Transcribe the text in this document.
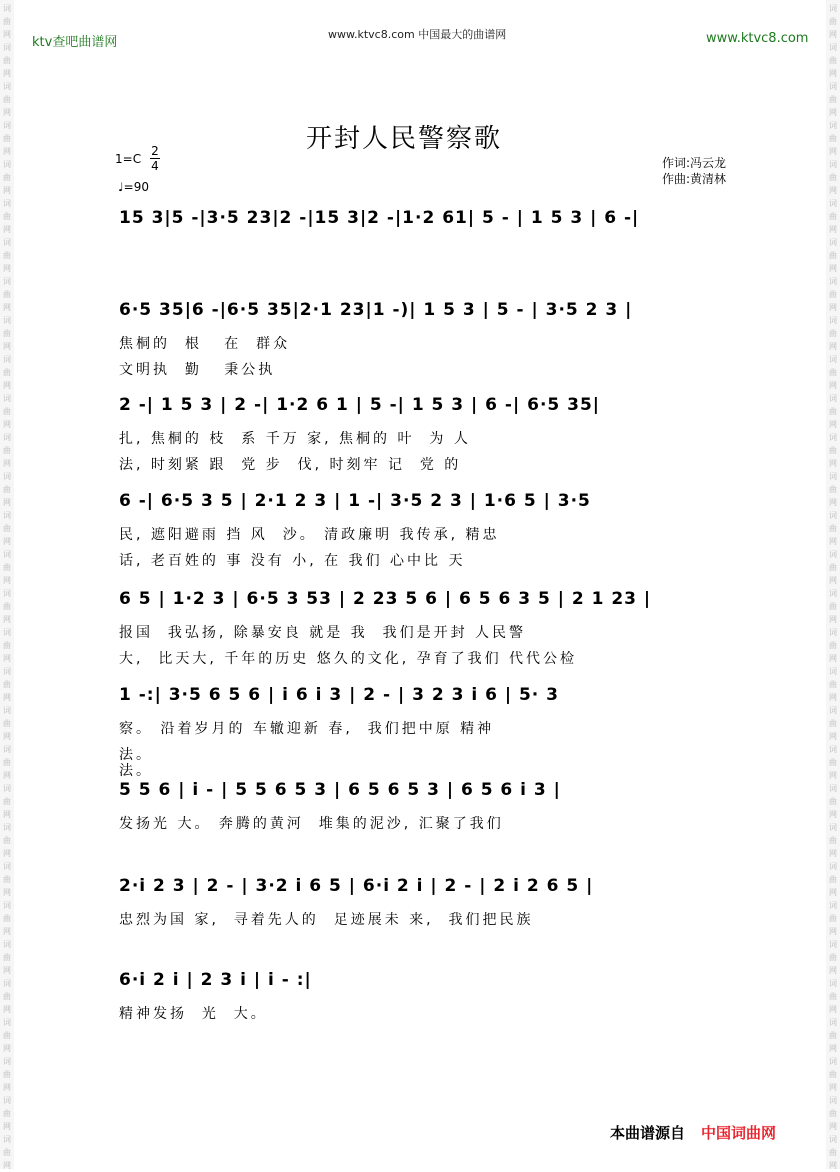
词
曲
网
词
曲
网
词
曲
网
词
曲
网
词
曲
网
词
曲
网
词
曲
网
词
曲
网
词
曲
网
词
曲
网
词
曲
网
词
曲
网
词
曲
网
词
曲
网
词
曲
网
词
曲
网
词
曲
网
词
曲
网
词
曲
网
词
曲
网
词
曲
网
词
曲
网
词
曲
网
词
曲
网
词
曲
网
词
曲
网
词
曲
网
词
曲
网
词
曲
网
词
曲
网
词
曲
网
词
曲
网
词
曲
网
词
曲
网
词
曲
网
词
曲
网
词
曲
网
词
曲
网
词
曲
网
词
曲
网
词
曲
网
词
曲
网
词
曲
网
词
曲
网
词
曲
网
词
曲
网
词
曲
网
词
曲
网
词
曲
网
词
曲
网
词
曲
网
词
曲
网
词
曲
网
词
曲
网
词
曲
网
词
曲
网
词
曲
网
词
曲
网
词
曲
网
词
曲
网
ktv查吧曲谱网
www.ktvc8.com 中国最大的曲谱网	www.ktvc8.com
开封人民警察歌
1=C
2
4
♩=90
作词:冯云龙
作曲:黄清林
15 3|5 -|3·5 23|2 -|15 3|2 -|1·2 61| 5 - | 1 5 3 | 6 -|
6·5 35|6 -|6·5 35|2·1 23|1 -)| 1 5 3 | 5 - | 3·5 2 3 |
焦桐的  根   在  群众
文明执  勤   秉公执
2 -| 1 5 3 | 2 -| 1·2 6 1 | 5 -| 1 5 3 | 6 -| 6·5 35|
扎, 焦桐的 枝  系 千万 家, 焦桐的 叶  为 人
法, 时刻紧 跟  党 步  伐, 时刻牢 记  党 的
6 -| 6·5 3 5 | 2·1 2 3 | 1 -| 3·5 2 3 | 1·6 5 | 3·5
民, 遮阳避雨 挡 风  沙。 清政廉明 我传承, 精忠
话, 老百姓的 事 没有 小, 在 我们 心中比 天
6 5 | 1·2 3 | 6·5 3 53 | 2 23 5 6 | 6 5 6 3 5 | 2 1 23 |
报国  我弘扬, 除暴安良 就是 我  我们是开封 人民警
大,  比天大, 千年的历史 悠久的文化, 孕育了我们 代代公检
1 -:| 3·5 6 5 6 | i 6 i 3 | 2 - | 3 2 3 i 6 | 5· 3
察。 沿着岁月的 车辙迎新 春,  我们把中原 精神
法。
5 5 6 | i - | 5 5 6 5 3 | 6 5 6 5 3 | 6 5 6 i 3 |
法。
发扬光 大。 奔腾的黄河  堆集的泥沙, 汇聚了我们
2·i 2 3 | 2 - | 3·2 i 6 5 | 6·i 2 i | 2 - | 2 i 2 6 5 |
忠烈为国 家,  寻着先人的  足迹展未 来,  我们把民族
6·i 2 i | 2 3 i | i - :|
精神发扬  光  大。
本曲谱源自 中国词曲网
